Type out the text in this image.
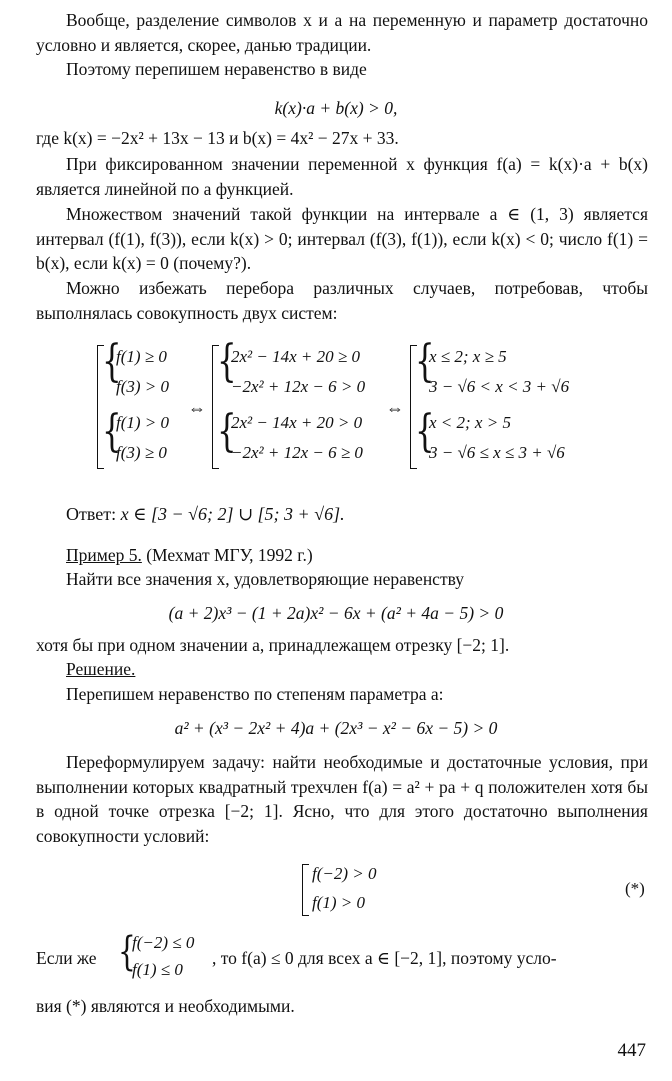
Вообще, разделение символов x и a на переменную и параметр достаточно условно и является, скорее, данью традиции.
Поэтому перепишем неравенство в виде
k(x)·a + b(x) > 0,
где k(x) = −2x² + 13x − 13 и b(x) = 4x² − 27x + 33.
При фиксированном значении переменной x функция f(a) = k(x)·a + b(x) является линейной по a функцией.
Множеством значений такой функции на интервале a ∈ (1, 3) является интервал (f(1), f(3)), если k(x) > 0; интервал (f(3), f(1)), если k(x) < 0; число f(1) = b(x), если k(x) = 0 (почему?).
Можно избежать перебора различных случаев, потребовав, чтобы выполнялась совокупность двух систем:
{
{
f(1) ≥ 0
f(3) > 0
f(1) > 0
f(3) ≥ 0
⇔
{
{
2x² − 14x + 20 ≥ 0
−2x² + 12x − 6 > 0
2x² − 14x + 20 > 0
−2x² + 12x − 6 ≥ 0
⇔
{
{
x ≤ 2; x ≥ 5
3 − √6 < x < 3 + √6
x < 2; x > 5
3 − √6 ≤ x ≤ 3 + √6
Ответ: x ∈ [3 − √6; 2] ∪ [5; 3 + √6].
Пример 5. (Мехмат МГУ, 1992 г.)
Найти все значения x, удовлетворяющие неравенству
(a + 2)x³ − (1 + 2a)x² − 6x + (a² + 4a − 5) > 0
хотя бы при одном значении a, принадлежащем отрезку [−2; 1].
Решение.
Перепишем неравенство по степеням параметра a:
a² + (x³ − 2x² + 4)a + (2x³ − x² − 6x − 5) > 0
Переформулируем задачу: найти необходимые и достаточные условия, при выполнении которых квадратный трехчлен f(a) = a² + pa + q положителен хотя бы в одной точке отрезка [−2; 1]. Ясно, что для этого достаточно выполнения совокупности условий:
f(−2) > 0
f(1) > 0
(*)
Если же {
f(−2) ≤ 0
f(1) ≤ 0
, то f(a) ≤ 0 для всех a ∈ [−2, 1], поэтому усло-
вия (*) являются и необходимыми.
447
